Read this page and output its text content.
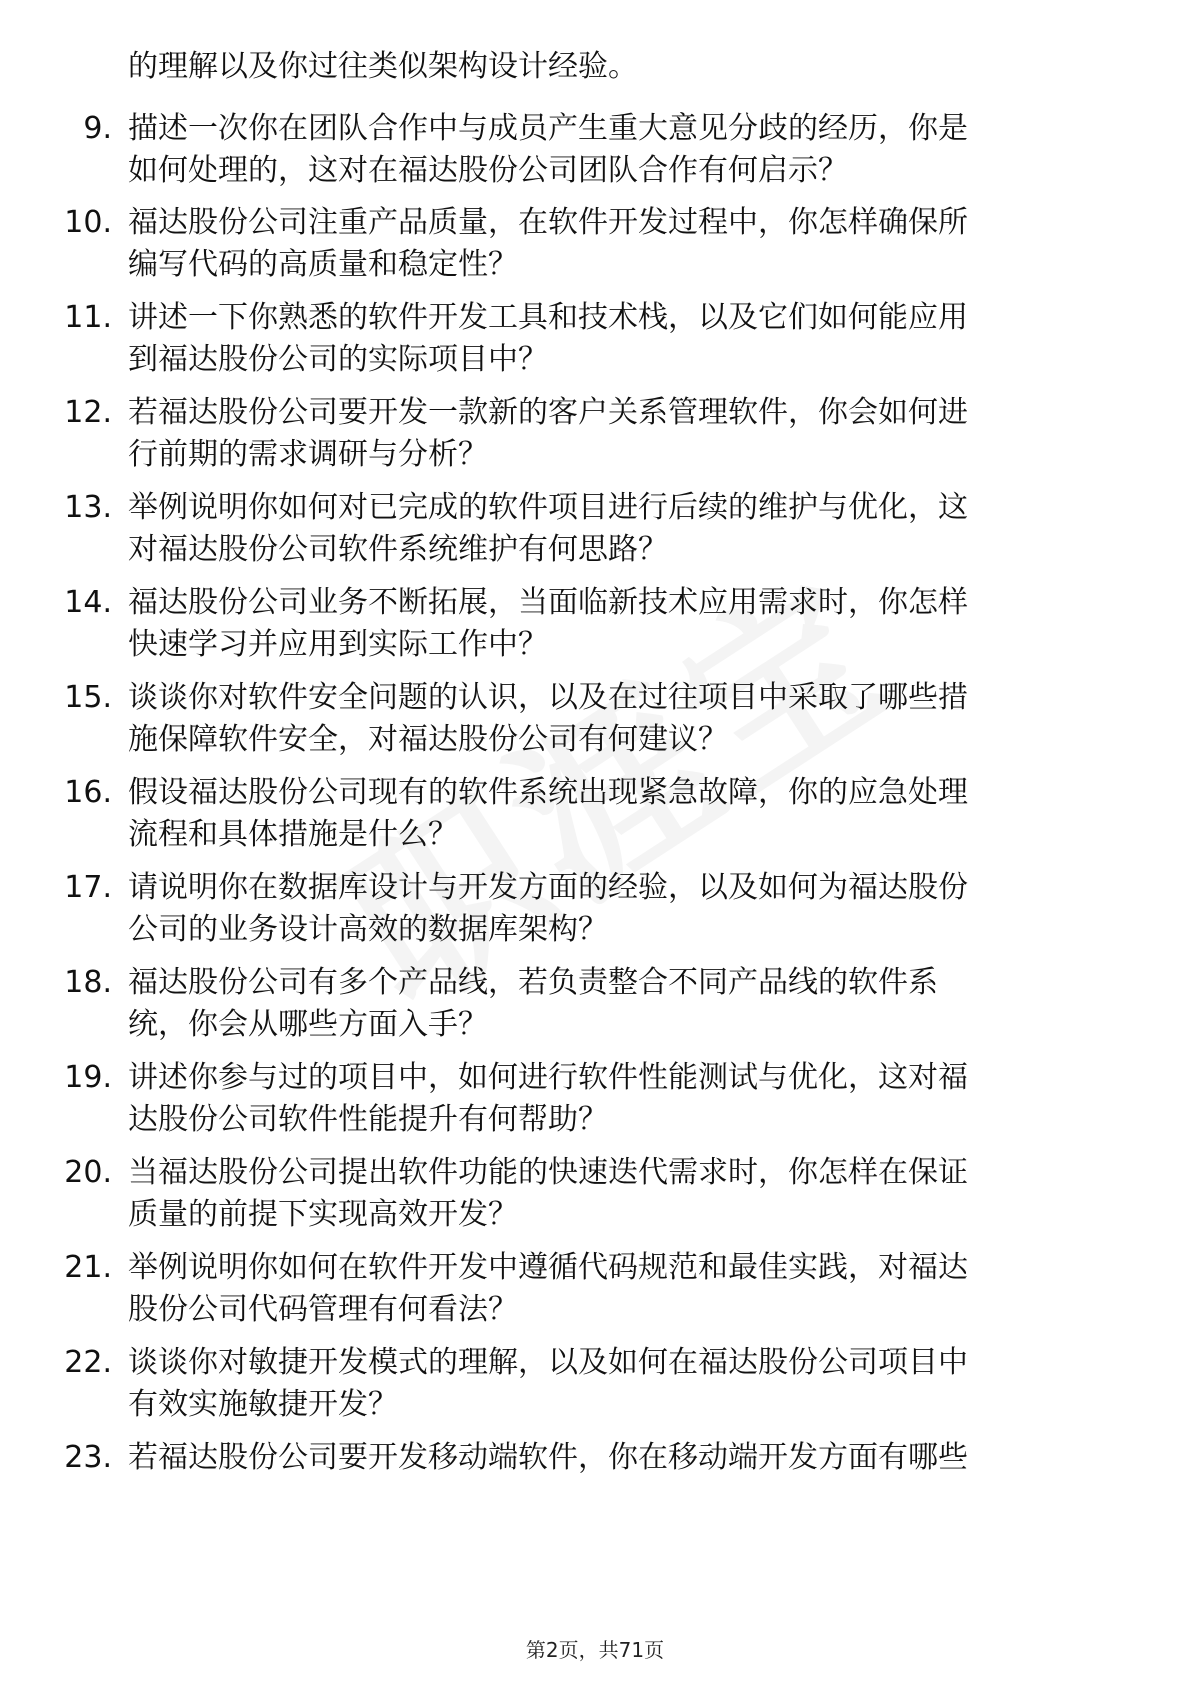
的理解以及你过往类似架构设计经验。
9. 描述一次你在团队合作中与成员产生重大意见分歧的经历，你是
如何处理的，这对在福达股份公司团队合作有何启示？
10. 福达股份公司注重产品质量，在软件开发过程中，你怎样确保所
编写代码的高质量和稳定性？
11. 讲述一下你熟悉的软件开发工具和技术栈，以及它们如何能应用
到福达股份公司的实际项目中？
12. 若福达股份公司要开发一款新的客户关系管理软件，你会如何进
行前期的需求调研与分析？
13. 举例说明你如何对已完成的软件项目进行后续的维护与优化，这
对福达股份公司软件系统维护有何思路？
14. 福达股份公司业务不断拓展，当面临新技术应用需求时，你怎样
快速学习并应用到实际工作中？
15. 谈谈你对软件安全问题的认识，以及在过往项目中采取了哪些措
施保障软件安全，对福达股份公司有何建议？
16. 假设福达股份公司现有的软件系统出现紧急故障，你的应急处理
流程和具体措施是什么？
17. 请说明你在数据库设计与开发方面的经验，以及如何为福达股份
公司的业务设计高效的数据库架构？
18. 福达股份公司有多个产品线，若负责整合不同产品线的软件系
统，你会从哪些方面入手？
19. 讲述你参与过的项目中，如何进行软件性能测试与优化，这对福
达股份公司软件性能提升有何帮助？
20. 当福达股份公司提出软件功能的快速迭代需求时，你怎样在保证
质量的前提下实现高效开发？
21. 举例说明你如何在软件开发中遵循代码规范和最佳实践，对福达
股份公司代码管理有何看法？
22. 谈谈你对敏捷开发模式的理解，以及如何在福达股份公司项目中
有效实施敏捷开发？
23. 若福达股份公司要开发移动端软件，你在移动端开发方面有哪些
第2页，共71页
